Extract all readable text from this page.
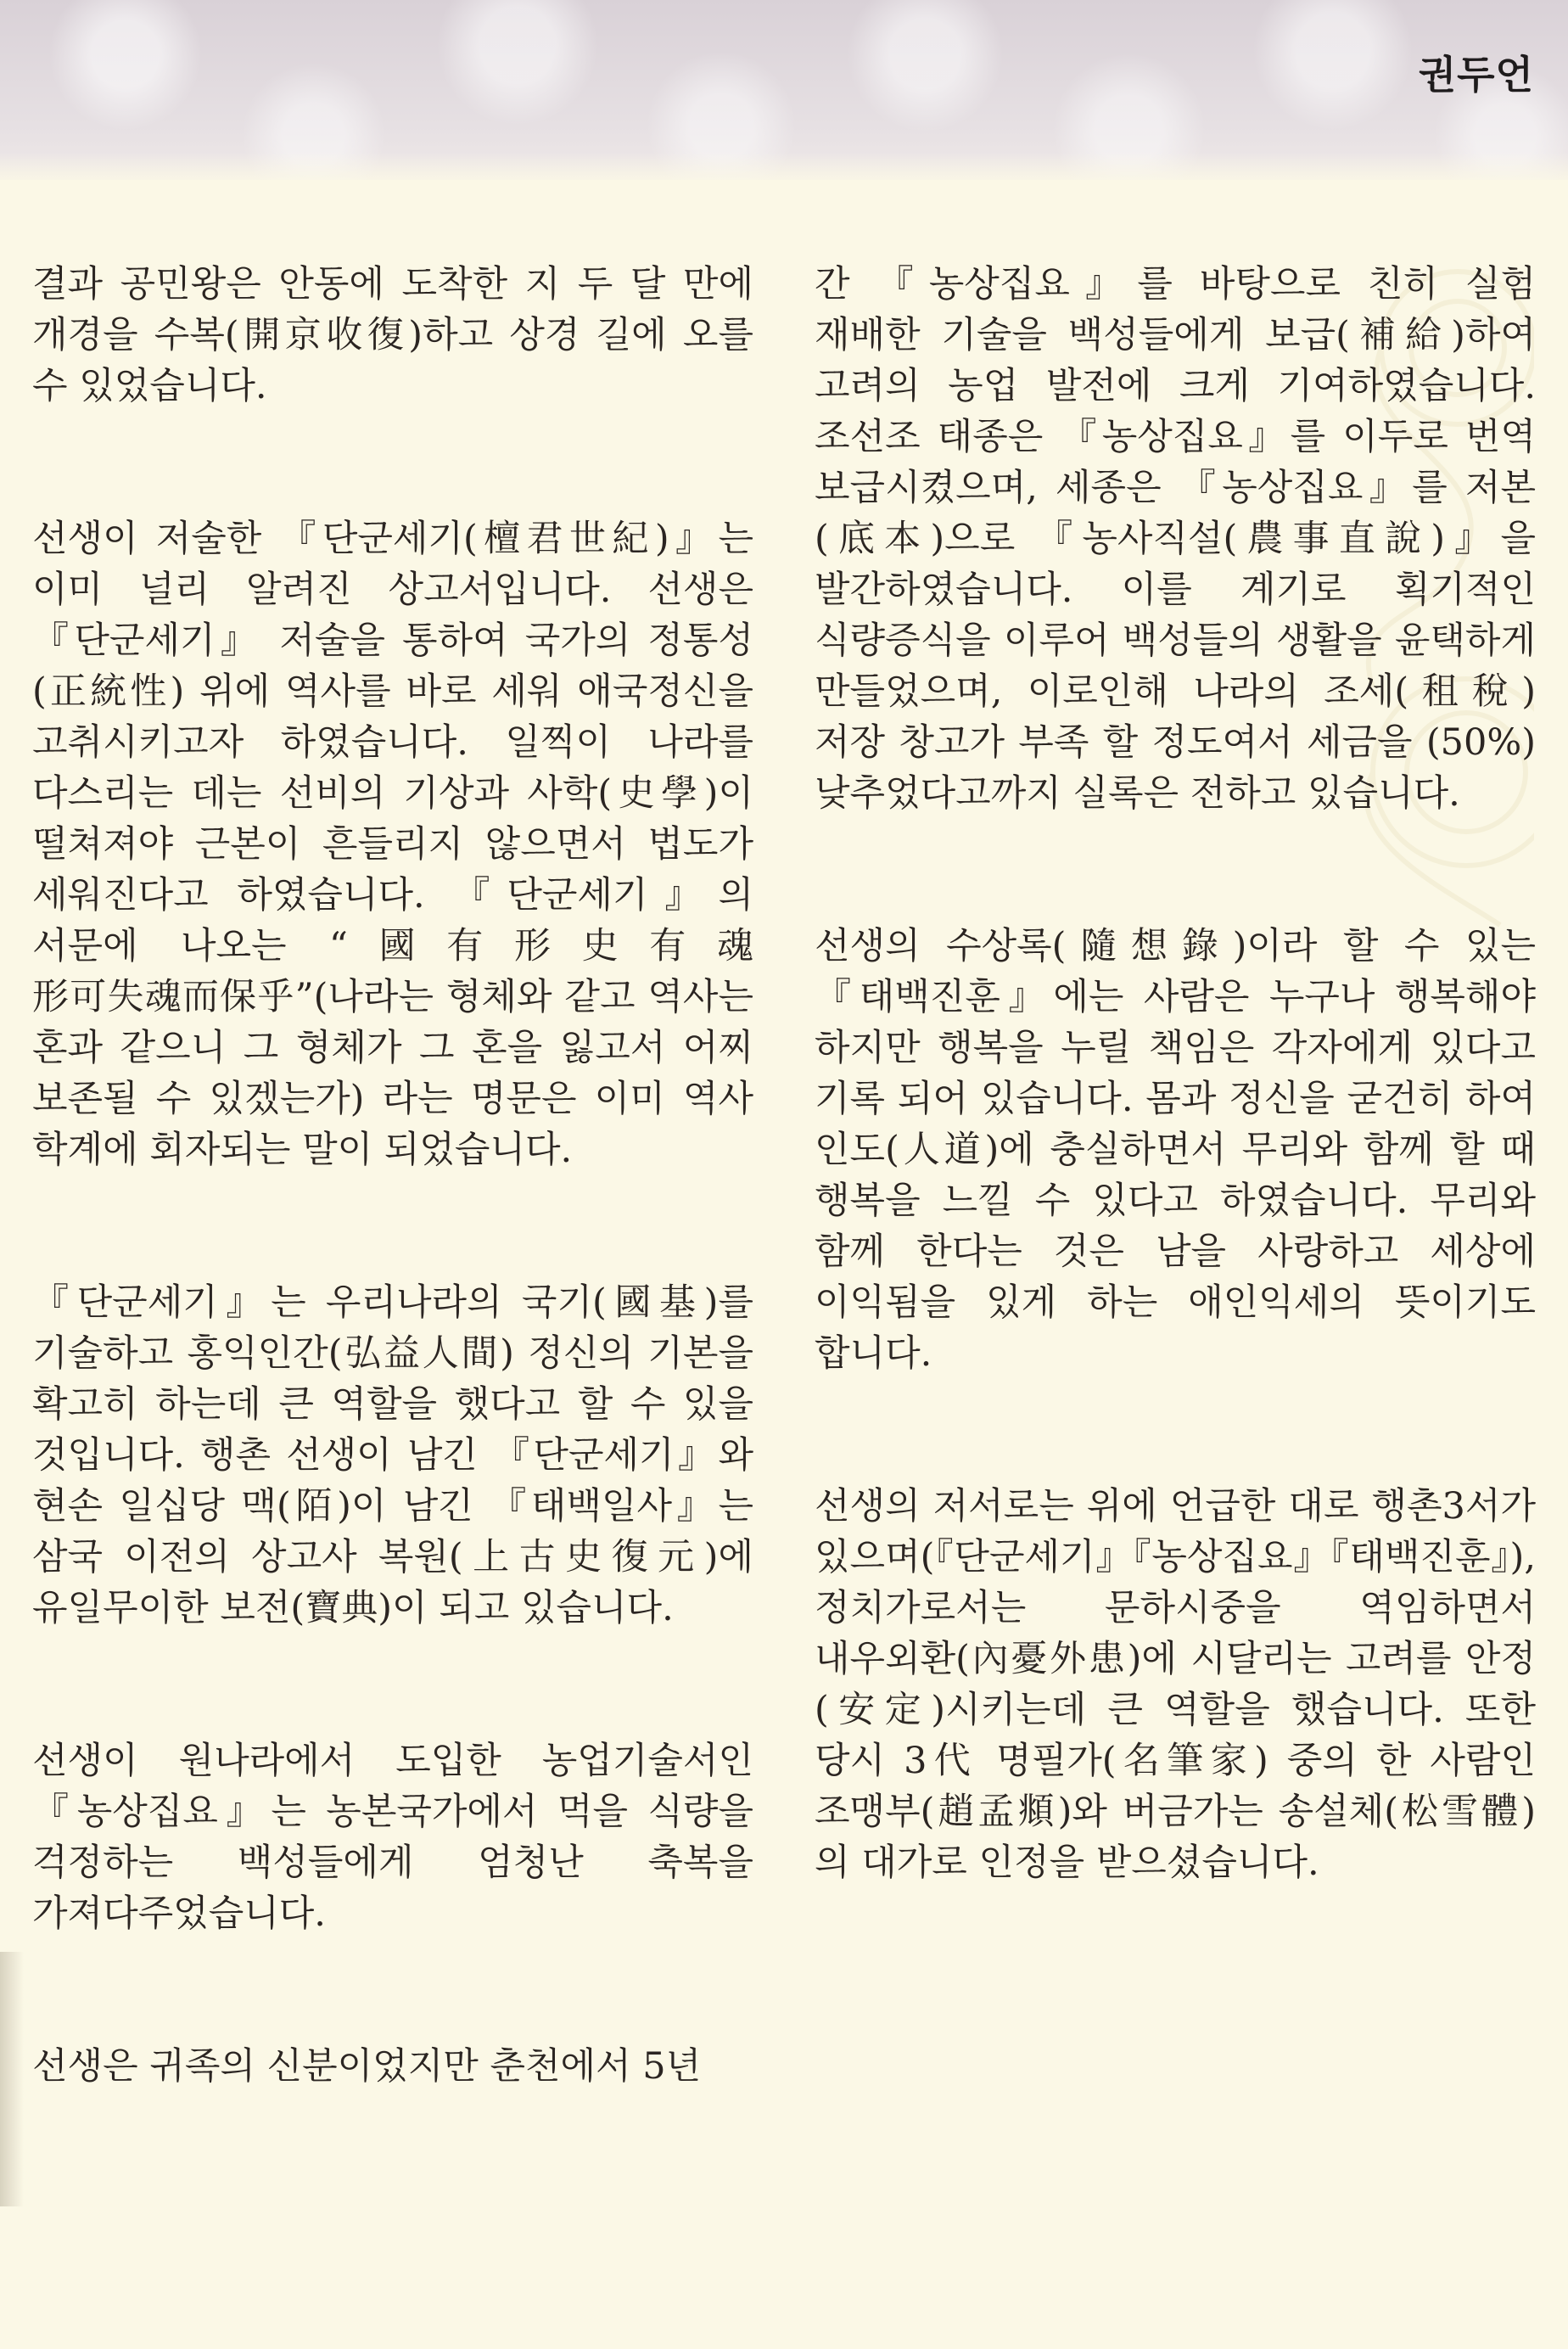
권두언

결과 공민왕은 안동에 도착한 지 두 달 만에 개경을 수복(開京收復)하고 상경 길에 오를 수 있었습니다.

선생이 저술한 『단군세기(檀君世紀)』는 이미 널리 알려진 상고서입니다. 선생은 『단군세기』 저술을 통하여 국가의 정통성(正統性) 위에 역사를 바로 세워 애국정신을 고취시키고자 하였습니다. 일찍이 나라를 다스리는 데는 선비의 기상과 사학(史學)이 떨쳐져야 근본이 흔들리지 않으면서 법도가 세워진다고 하였습니다. 『단군세기』의 서문에 나오는 “國有形史有魂 形可失魂而保乎”(나라는 형체와 같고 역사는 혼과 같으니 그 형체가 그 혼을 잃고서 어찌 보존될 수 있겠는가) 라는 명문은 이미 역사 학계에 회자되는 말이 되었습니다.

『단군세기』는 우리나라의 국기(國基)를 기술하고 홍익인간(弘益人間) 정신의 기본을 확고히 하는데 큰 역할을 했다고 할 수 있을 것입니다. 행촌 선생이 남긴 『단군세기』와 현손 일십당 맥(陌)이 남긴 『태백일사』는 삼국 이전의 상고사 복원(上古史復元)에 유일무이한 보전(寶典)이 되고 있습니다.

선생이 원나라에서 도입한 농업기술서인 『농상집요』는 농본국가에서 먹을 식량을 걱정하는 백성들에게 엄청난 축복을 가져다주었습니다.

선생은 귀족의 신분이었지만 춘천에서 5년

간 『농상집요』를 바탕으로 친히 실험 재배한 기술을 백성들에게 보급(補給)하여 고려의 농업 발전에 크게 기여하였습니다. 조선조 태종은 『농상집요』를 이두로 번역 보급시켰으며, 세종은 『농상집요』를 저본(底本)으로 『농사직설(農事直說)』을 발간하였습니다. 이를 계기로 획기적인 식량증식을 이루어 백성들의 생활을 윤택하게 만들었으며, 이로인해 나라의 조세(租稅) 저장 창고가 부족 할 정도여서 세금을 (50%) 낮추었다고까지 실록은 전하고 있습니다.

선생의 수상록(隨想錄)이라 할 수 있는 『태백진훈』에는 사람은 누구나 행복해야 하지만 행복을 누릴 책임은 각자에게 있다고 기록 되어 있습니다. 몸과 정신을 굳건히 하여 인도(人道)에 충실하면서 무리와 함께 할 때 행복을 느낄 수 있다고 하였습니다. 무리와 함께 한다는 것은 남을 사랑하고 세상에 이익됨을 있게 하는 애인익세의 뜻이기도 합니다.

선생의 저서로는 위에 언급한 대로 행촌3서가 있으며(『단군세기』『농상집요』『태백진훈』), 정치가로서는 문하시중을 역임하면서 내우외환(內憂外患)에 시달리는 고려를 안정(安定)시키는데 큰 역할을 했습니다. 또한 당시 3代 명필가(名筆家) 중의 한 사람인 조맹부(趙孟頫)와 버금가는 송설체(松雪體)의 대가로 인정을 받으셨습니다.
